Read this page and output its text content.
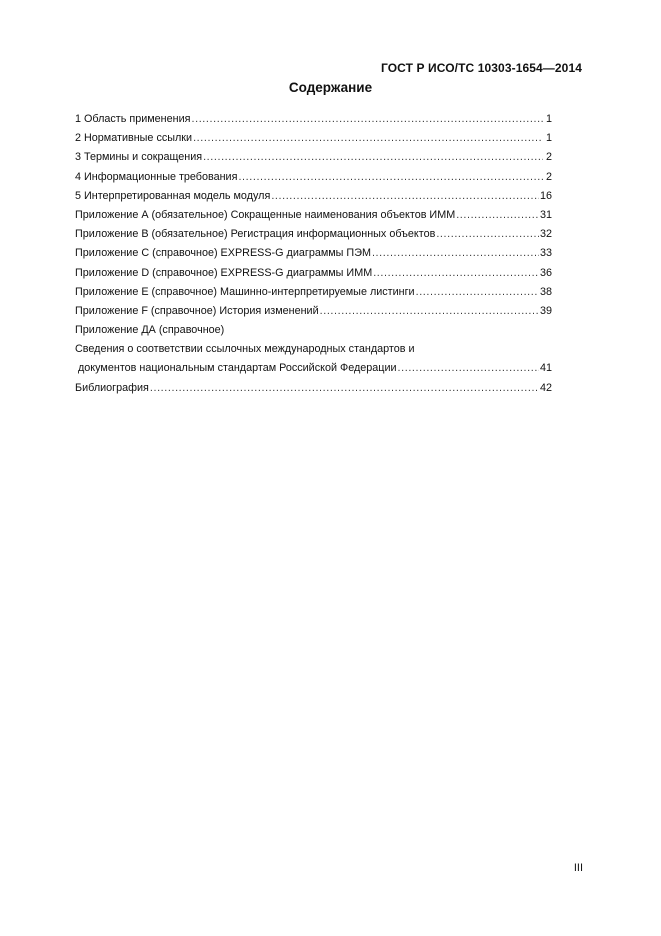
ГОСТ Р ИСО/ТС 10303-1654—2014
Содержание
1 Область применения .....	1
2 Нормативные ссылки .....	1
3 Термины и сокращения .....	2
4 Информационные требования .....	2
5 Интерпретированная модель модуля .....	16
Приложение А (обязательное) Сокращенные наименования объектов ИММ .....	31
Приложение В (обязательное) Регистрация информационных объектов .....	32
Приложение С (справочное) EXPRESS-G диаграммы ПЭМ .....	33
Приложение D (справочное) EXPRESS-G диаграммы ИММ .....	36
Приложение Е (справочное) Машинно-интерпретируемые листинги .....	38
Приложение F (справочное) История изменений .....	39
Приложение ДА (справочное)
Сведения о соответствии ссылочных международных стандартов и
документов национальным стандартам Российской Федерации .....	41
Библиография .....	42
III
